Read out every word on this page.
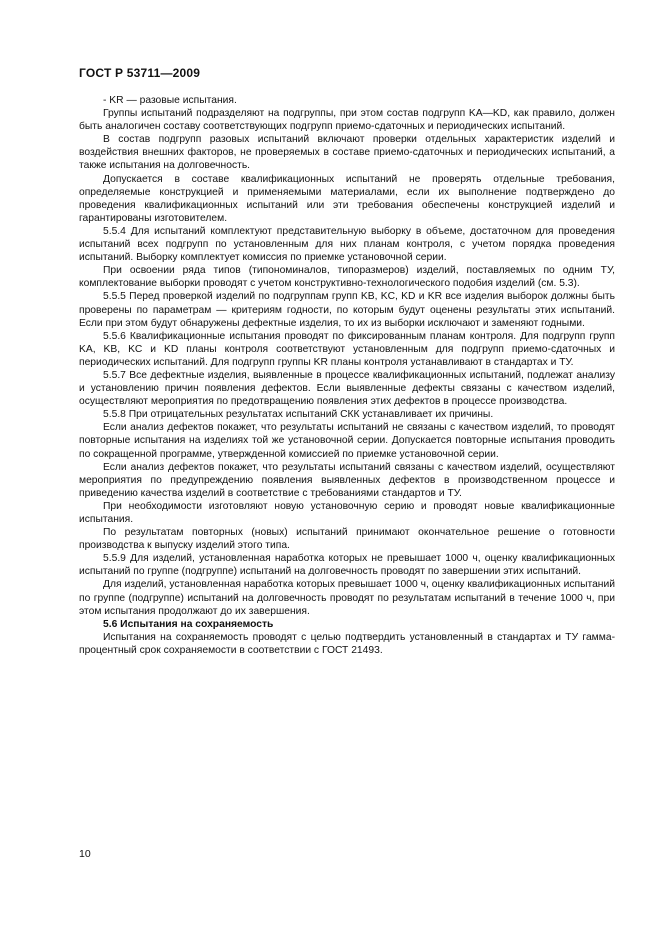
ГОСТ Р 53711—2009

- KR — разовые испытания.

Группы испытаний подразделяют на подгруппы, при этом состав подгрупп KA—KD, как правило, должен быть аналогичен составу соответствующих подгрупп приемо-сдаточных и периодических испытаний.

В состав подгрупп разовых испытаний включают проверки отдельных характеристик изделий и воздействия внешних факторов, не проверяемых в составе приемо-сдаточных и периодических испытаний, а также испытания на долговечность.

Допускается в составе квалификационных испытаний не проверять отдельные требования, определяемые конструкцией и применяемыми материалами, если их выполнение подтверждено до проведения квалификационных испытаний или эти требования обеспечены конструкцией изделий и гарантированы изготовителем.

5.5.4 Для испытаний комплектуют представительную выборку в объеме, достаточном для проведения испытаний всех подгрупп по установленным для них планам контроля, с учетом порядка проведения испытаний. Выборку комплектует комиссия по приемке установочной серии.

При освоении ряда типов (типономиналов, типоразмеров) изделий, поставляемых по одним ТУ, комплектование выборки проводят с учетом конструктивно-технологического подобия изделий (см. 5.3).

5.5.5 Перед проверкой изделий по подгруппам групп KB, KC, KD и KR все изделия выборок должны быть проверены по параметрам — критериям годности, по которым будут оценены результаты этих испытаний. Если при этом будут обнаружены дефектные изделия, то их из выборки исключают и заменяют годными.

5.5.6 Квалификационные испытания проводят по фиксированным планам контроля. Для подгрупп групп KA, KB, KC и KD планы контроля соответствуют установленным для подгрупп приемо-сдаточных и периодических испытаний. Для подгрупп группы KR планы контроля устанавливают в стандартах и ТУ.

5.5.7 Все дефектные изделия, выявленные в процессе квалификационных испытаний, подлежат анализу и установлению причин появления дефектов. Если выявленные дефекты связаны с качеством изделий, осуществляют мероприятия по предотвращению появления этих дефектов в процессе производства.

5.5.8 При отрицательных результатах испытаний СКК устанавливает их причины.

Если анализ дефектов покажет, что результаты испытаний не связаны с качеством изделий, то проводят повторные испытания на изделиях той же установочной серии. Допускается повторные испытания проводить по сокращенной программе, утвержденной комиссией по приемке установочной серии.

Если анализ дефектов покажет, что результаты испытаний связаны с качеством изделий, осуществляют мероприятия по предупреждению появления выявленных дефектов в производственном процессе и приведению качества изделий в соответствие с требованиями стандартов и ТУ.

При необходимости изготовляют новую установочную серию и проводят новые квалификационные испытания.

По результатам повторных (новых) испытаний принимают окончательное решение о готовности производства к выпуску изделий этого типа.

5.5.9 Для изделий, установленная наработка которых не превышает 1000 ч, оценку квалификационных испытаний по группе (подгруппе) испытаний на долговечность проводят по завершении этих испытаний.

Для изделий, установленная наработка которых превышает 1000 ч, оценку квалификационных испытаний по группе (подгруппе) испытаний на долговечность проводят по результатам испытаний в течение 1000 ч, при этом испытания продолжают до их завершения.

5.6 Испытания на сохраняемость

Испытания на сохраняемость проводят с целью подтвердить установленный в стандартах и ТУ гамма-процентный срок сохраняемости в соответствии с ГОСТ 21493.

10
